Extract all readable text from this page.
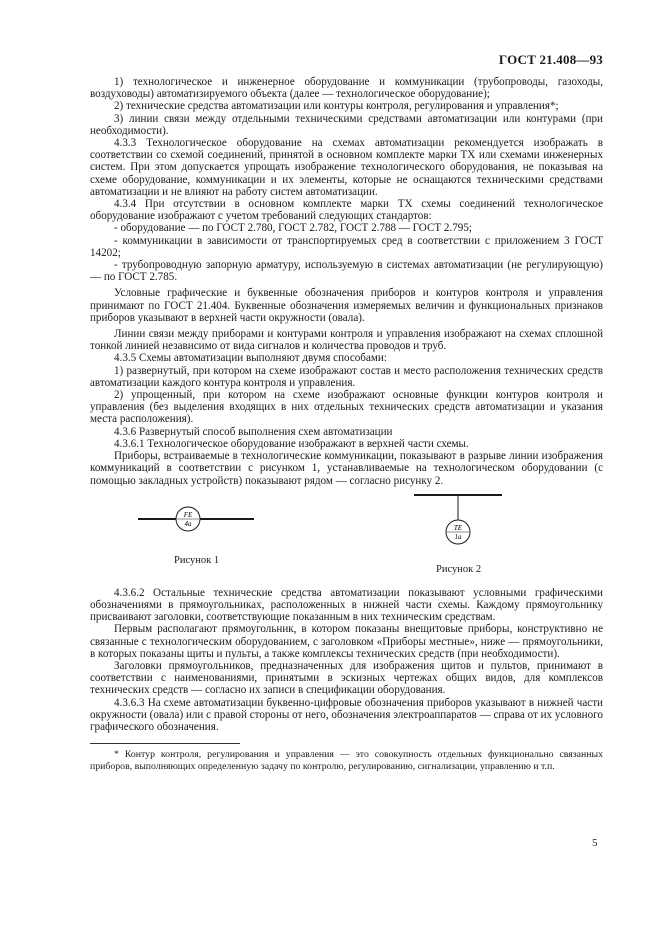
ГОСТ 21.408—93

1) технологическое и инженерное оборудование и коммуникации (трубопроводы, газоходы, воздуховоды) автоматизируемого объекта (далее — технологическое оборудование);

2) технические средства автоматизации или контуры контроля, регулирования и управления*;

3) линии связи между отдельными техническими средствами автоматизации или контурами (при необходимости).

4.3.3 Технологическое оборудование на схемах автоматизации рекомендуется изображать в соответствии со схемой соединений, принятой в основном комплекте марки ТХ или схемами инженерных систем. При этом допускается упрощать изображение технологического оборудования, не показывая на схеме оборудование, коммуникации и их элементы, которые не оснащаются техническими средствами автоматизации и не влияют на работу систем автоматизации.

4.3.4 При отсутствии в основном комплекте марки ТХ схемы соединений технологическое оборудование изображают с учетом требований следующих стандартов:

- оборудование — по ГОСТ 2.780, ГОСТ 2.782, ГОСТ 2.788 — ГОСТ 2.795;

- коммуникации в зависимости от транспортируемых сред в соответствии с приложением 3 ГОСТ 14202;

- трубопроводную запорную арматуру, используемую в системах автоматизации (не регулирующую) — по ГОСТ 2.785.

Условные графические и буквенные обозначения приборов и контуров контроля и управления принимают по ГОСТ 21.404. Буквенные обозначения измеряемых величин и функциональных признаков приборов указывают в верхней части окружности (овала).

Линии связи между приборами и контурами контроля и управления изображают на схемах сплошной тонкой линией независимо от вида сигналов и количества проводов и труб.

4.3.5 Схемы автоматизации выполняют двумя способами:

1) развернутый, при котором на схеме изображают состав и место расположения технических средств автоматизации каждого контура контроля и управления.

2) упрощенный, при котором на схеме изображают основные функции контуров контроля и управления (без выделения входящих в них отдельных технических средств автоматизации и указания места расположения).

4.3.6 Развернутый способ выполнения схем автоматизации

4.3.6.1 Технологическое оборудование изображают в верхней части схемы.

Приборы, встраиваемые в технологические коммуникации, показывают в разрыве линии изображения коммуникаций в соответствии с рисунком 1, устанавливаемые на технологическом оборудовании (с помощью закладных устройств) показывают рядом — согласно рисунку 2.

FE
4а
Рисунок 1
TE
1а
Рисунок 2

4.3.6.2 Остальные технические средства автоматизации показывают условными графическими обозначениями в прямоугольниках, расположенных в нижней части схемы. Каждому прямоугольнику присваивают заголовки, соответствующие показанным в них техническим средствам.

Первым располагают прямоугольник, в котором показаны внещитовые приборы, конструктивно не связанные с технологическим оборудованием, с заголовком «Приборы местные», ниже — прямоугольники, в которых показаны щиты и пульты, а также комплексы технических средств (при необходимости).

Заголовки прямоугольников, предназначенных для изображения щитов и пультов, принимают в соответствии с наименованиями, принятыми в эскизных чертежах общих видов, для комплексов технических средств — согласно их записи в спецификации оборудования.

4.3.6.3 На схеме автоматизации буквенно-цифровые обозначения приборов указывают в нижней части окружности (овала) или с правой стороны от него, обозначения электроаппаратов — справа от их условного графического обозначения.

* Контур контроля, регулирования и управления — это совокупность отдельных функционально связанных приборов, выполняющих определенную задачу по контролю, регулированию, сигнализации, управлению и т.п.

5
